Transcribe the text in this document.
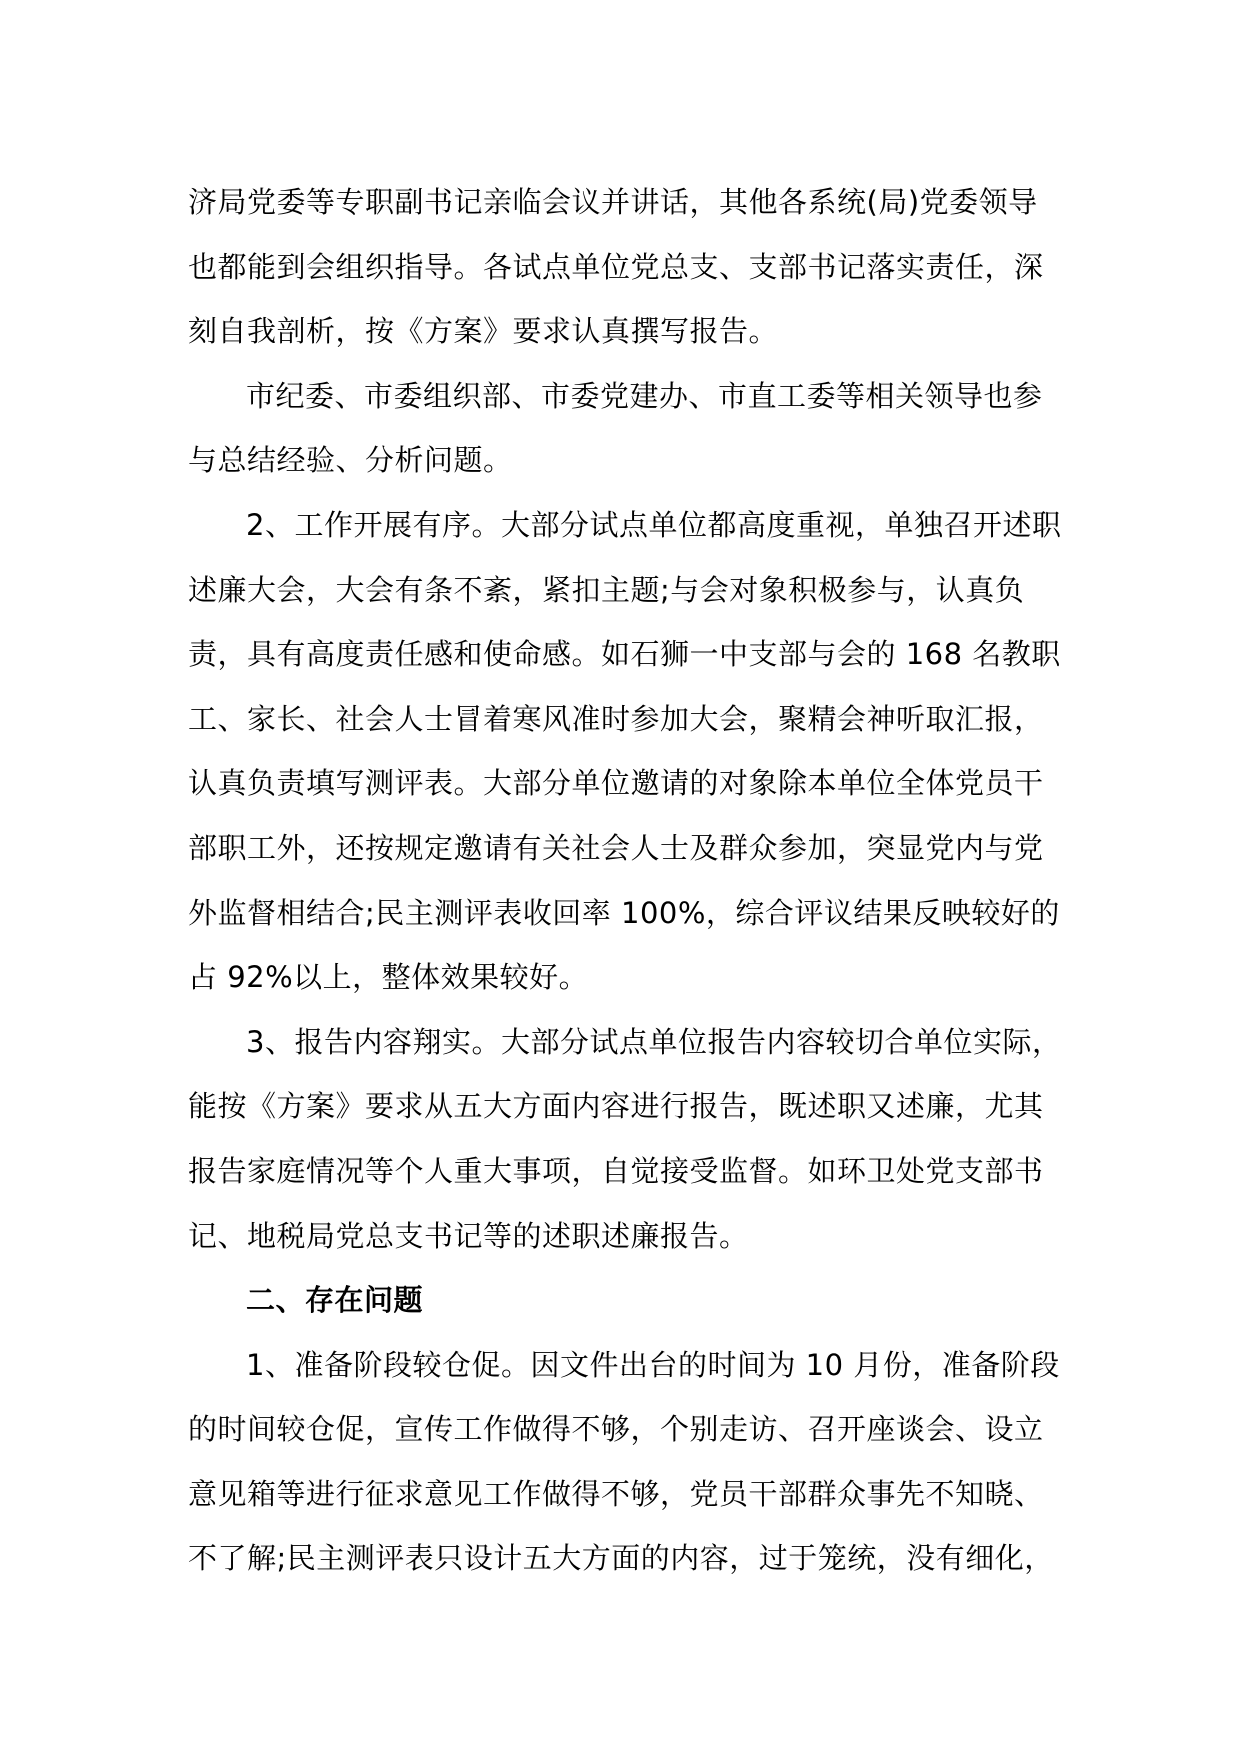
济局党委等专职副书记亲临会议并讲话，其他各系统(局)党委领导
也都能到会组织指导。各试点单位党总支、支部书记落实责任，深
刻自我剖析，按《方案》要求认真撰写报告。
市纪委、市委组织部、市委党建办、市直工委等相关领导也参
与总结经验、分析问题。
2、工作开展有序。大部分试点单位都高度重视，单独召开述职
述廉大会，大会有条不紊，紧扣主题;与会对象积极参与，认真负
责，具有高度责任感和使命感。如石狮一中支部与会的 168 名教职
工、家长、社会人士冒着寒风准时参加大会，聚精会神听取汇报，
认真负责填写测评表。大部分单位邀请的对象除本单位全体党员干
部职工外，还按规定邀请有关社会人士及群众参加，突显党内与党
外监督相结合;民主测评表收回率 100%，综合评议结果反映较好的
占 92%以上，整体效果较好。
3、报告内容翔实。大部分试点单位报告内容较切合单位实际，
能按《方案》要求从五大方面内容进行报告，既述职又述廉，尤其
报告家庭情况等个人重大事项，自觉接受监督。如环卫处党支部书
记、地税局党总支书记等的述职述廉报告。
二、存在问题
1、准备阶段较仓促。因文件出台的时间为 10 月份，准备阶段
的时间较仓促，宣传工作做得不够，个别走访、召开座谈会、设立
意见箱等进行征求意见工作做得不够，党员干部群众事先不知晓、
不了解;民主测评表只设计五大方面的内容，过于笼统，没有细化，
